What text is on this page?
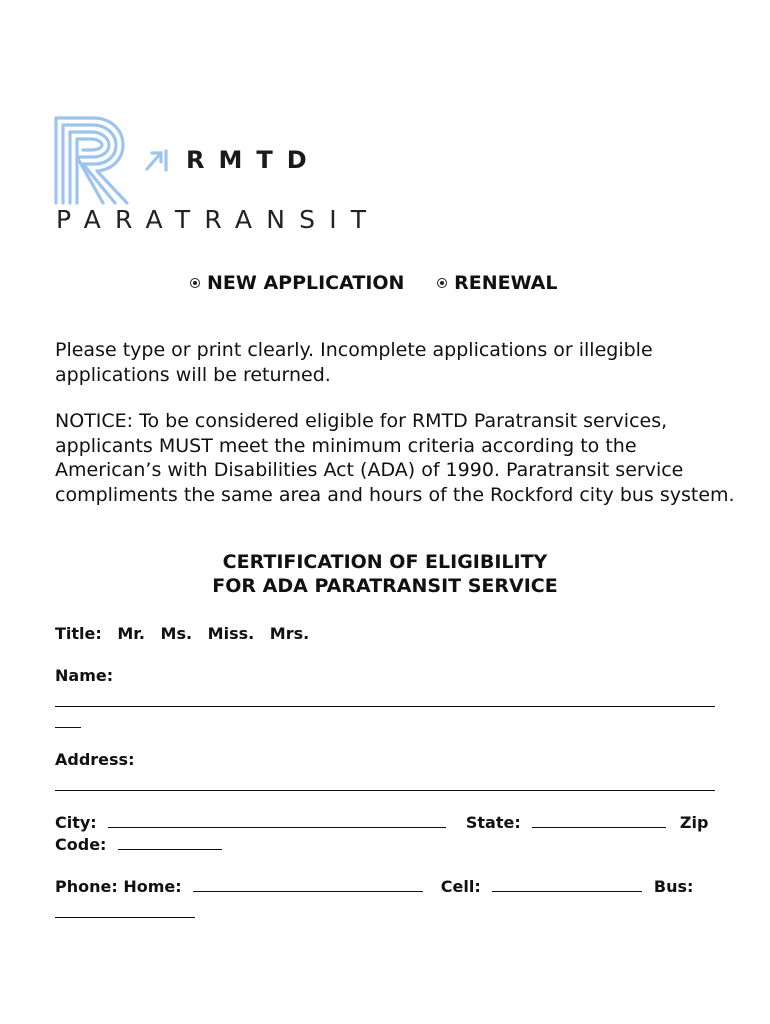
RMTD
PARATRANSIT
NEW APPLICATION
	RENEWAL

Please type or print clearly. Incomplete applications or illegible applications will be returned.

NOTICE: To be considered eligible for RMTD Paratransit services, applicants MUST meet the minimum criteria according to the American’s with Disabilities Act (ADA) of 1990. Paratransit service compliments the same area and hours of the Rockford city bus system.

CERTIFICATION OF ELIGIBILITY
FOR ADA PARATRANSIT SERVICE
Title: Mr. Ms. Miss. Mrs.
Name:
Address:
City:	State:	Zip
Code:
Phone: Home:	Cell:	Bus:
